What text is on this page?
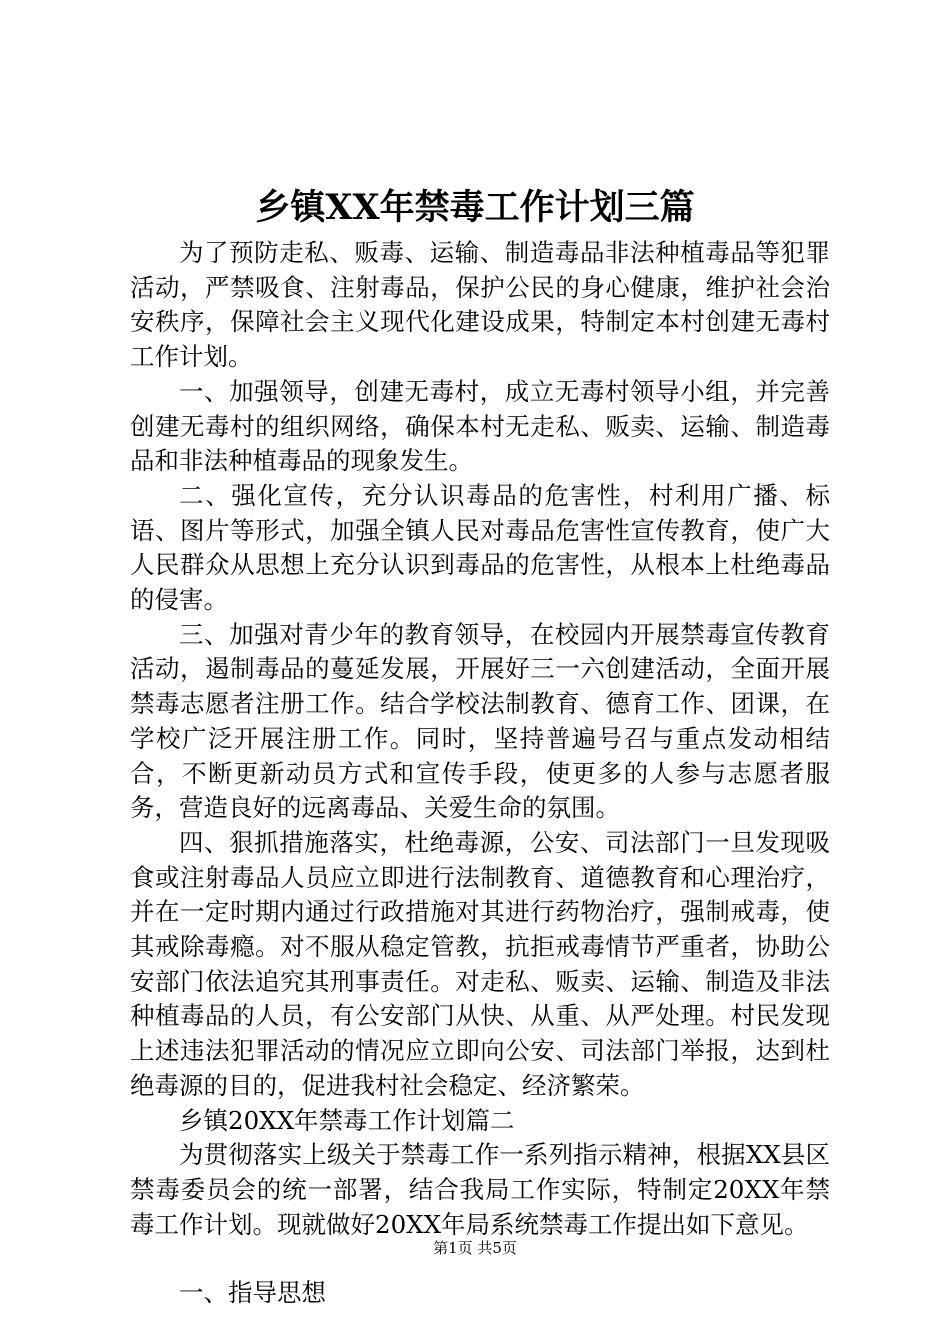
乡镇XX年禁毒工作计划三篇

为了预防走私、贩毒、运输、制造毒品非法种植毒品等犯罪活动，严禁吸食、注射毒品，保护公民的身心健康，维护社会治安秩序，保障社会主义现代化建设成果，特制定本村创建无毒村工作计划。

一、加强领导，创建无毒村，成立无毒村领导小组，并完善创建无毒村的组织网络，确保本村无走私、贩卖、运输、制造毒品和非法种植毒品的现象发生。

二、强化宣传，充分认识毒品的危害性，村利用广播、标语、图片等形式，加强全镇人民对毒品危害性宣传教育，使广大人民群众从思想上充分认识到毒品的危害性，从根本上杜绝毒品的侵害。

三、加强对青少年的教育领导，在校园内开展禁毒宣传教育活动，遏制毒品的蔓延发展，开展好三一六创建活动，全面开展禁毒志愿者注册工作。结合学校法制教育、德育工作、团课，在学校广泛开展注册工作。同时，坚持普遍号召与重点发动相结合，不断更新动员方式和宣传手段，使更多的人参与志愿者服务，营造良好的远离毒品、关爱生命的氛围。

四、狠抓措施落实，杜绝毒源，公安、司法部门一旦发现吸食或注射毒品人员应立即进行法制教育、道德教育和心理治疗，并在一定时期内通过行政措施对其进行药物治疗，强制戒毒，使其戒除毒瘾。对不服从稳定管教，抗拒戒毒情节严重者，协助公安部门依法追究其刑事责任。对走私、贩卖、运输、制造及非法种植毒品的人员，有公安部门从快、从重、从严处理。村民发现上述违法犯罪活动的情况应立即向公安、司法部门举报，达到杜绝毒源的目的，促进我村社会稳定、经济繁荣。

乡镇20XX年禁毒工作计划篇二

为贯彻落实上级关于禁毒工作一系列指示精神，根据XX县区禁毒委员会的统一部署，结合我局工作实际，特制定20XX年禁毒工作计划。现就做好20XX年局系统禁毒工作提出如下意见。

一、指导思想

第1页 共5页
